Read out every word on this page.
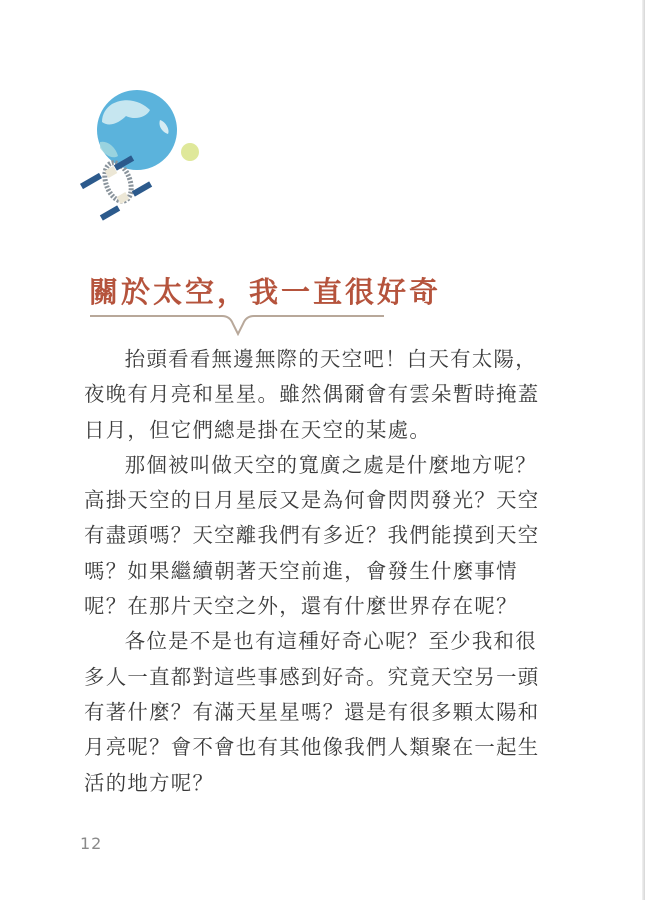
關於太空，我一直很好奇

抬頭看看無邊無際的天空吧！白天有太陽，夜晚有月亮和星星。雖然偶爾會有雲朵暫時掩蓋日月，但它們總是掛在天空的某處。

那個被叫做天空的寬廣之處是什麼地方呢？高掛天空的日月星辰又是為何會閃閃發光？天空有盡頭嗎？天空離我們有多近？我們能摸到天空嗎？如果繼續朝著天空前進，會發生什麼事情呢？在那片天空之外，還有什麼世界存在呢？

各位是不是也有這種好奇心呢？至少我和很多人一直都對這些事感到好奇。究竟天空另一頭有著什麼？有滿天星星嗎？還是有很多顆太陽和月亮呢？會不會也有其他像我們人類聚在一起生活的地方呢？

12
